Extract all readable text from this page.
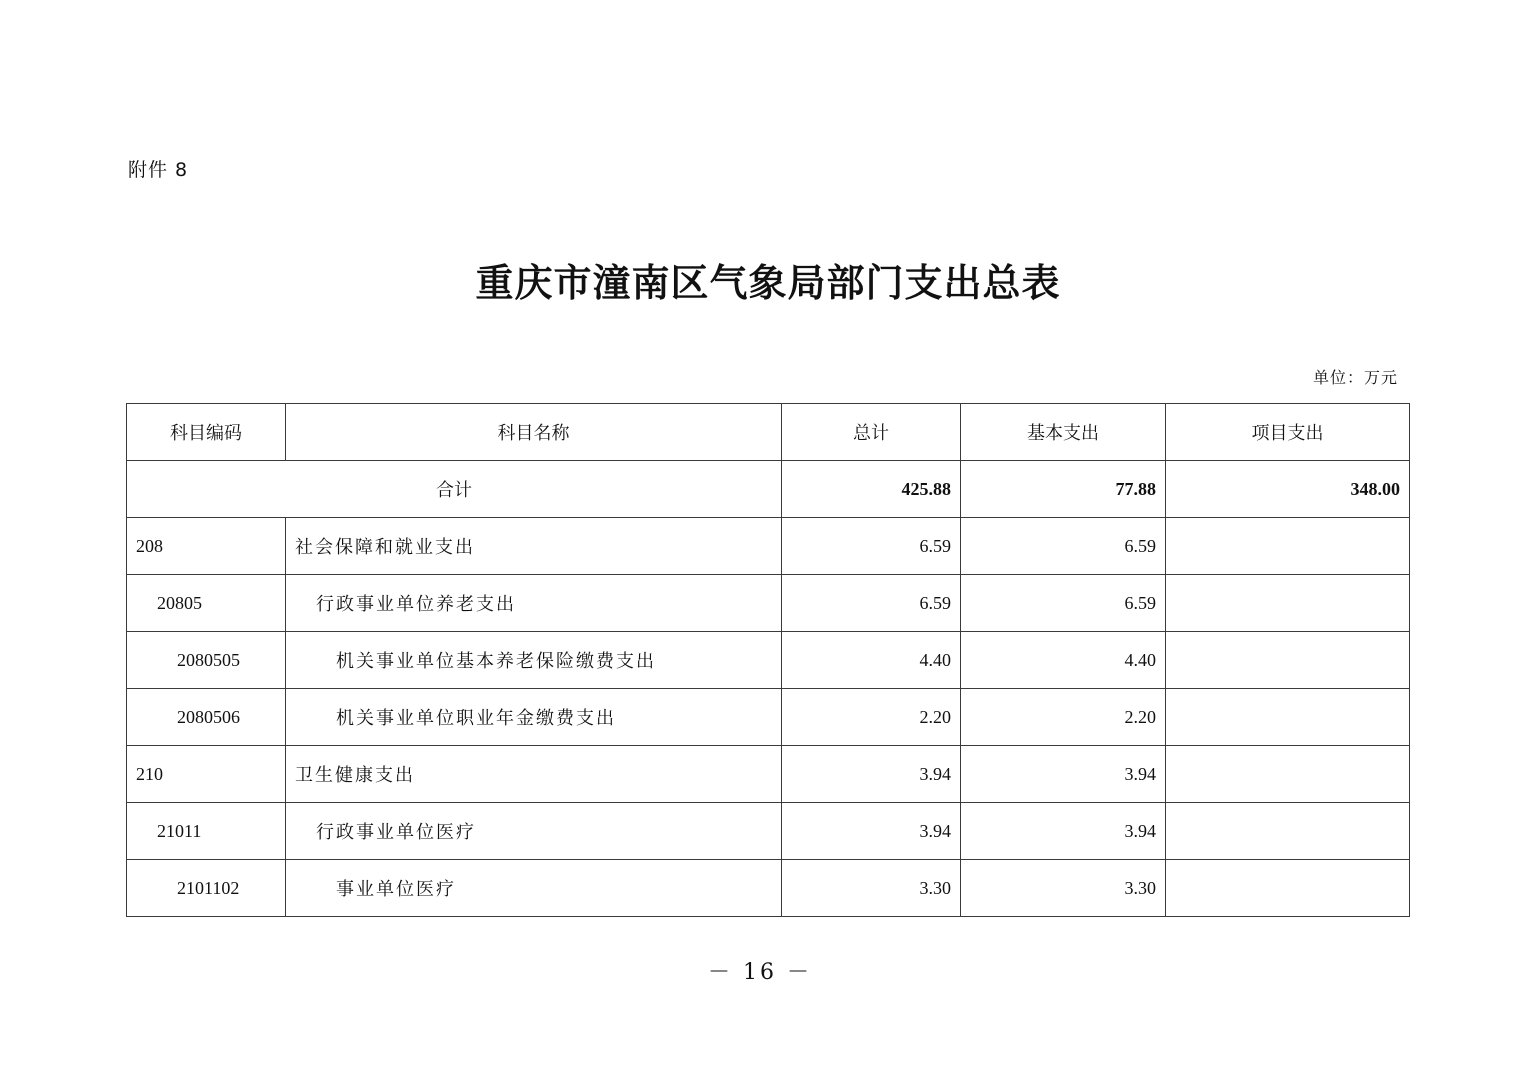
附件 8
重庆市潼南区气象局部门支出总表
单位：万元
科目编码	科目名称	总计	基本支出	项目支出
合计		425.88	77.88	348.00
208	社会保障和就业支出	6.59	6.59	
20805	行政事业单位养老支出	6.59	6.59	
2080505	机关事业单位基本养老保险缴费支出	4.40	4.40	
2080506	机关事业单位职业年金缴费支出	2.20	2.20	
210	卫生健康支出	3.94	3.94	
21011	行政事业单位医疗	3.94	3.94	
2101102	事业单位医疗	3.30	3.30	
－ 16 －
